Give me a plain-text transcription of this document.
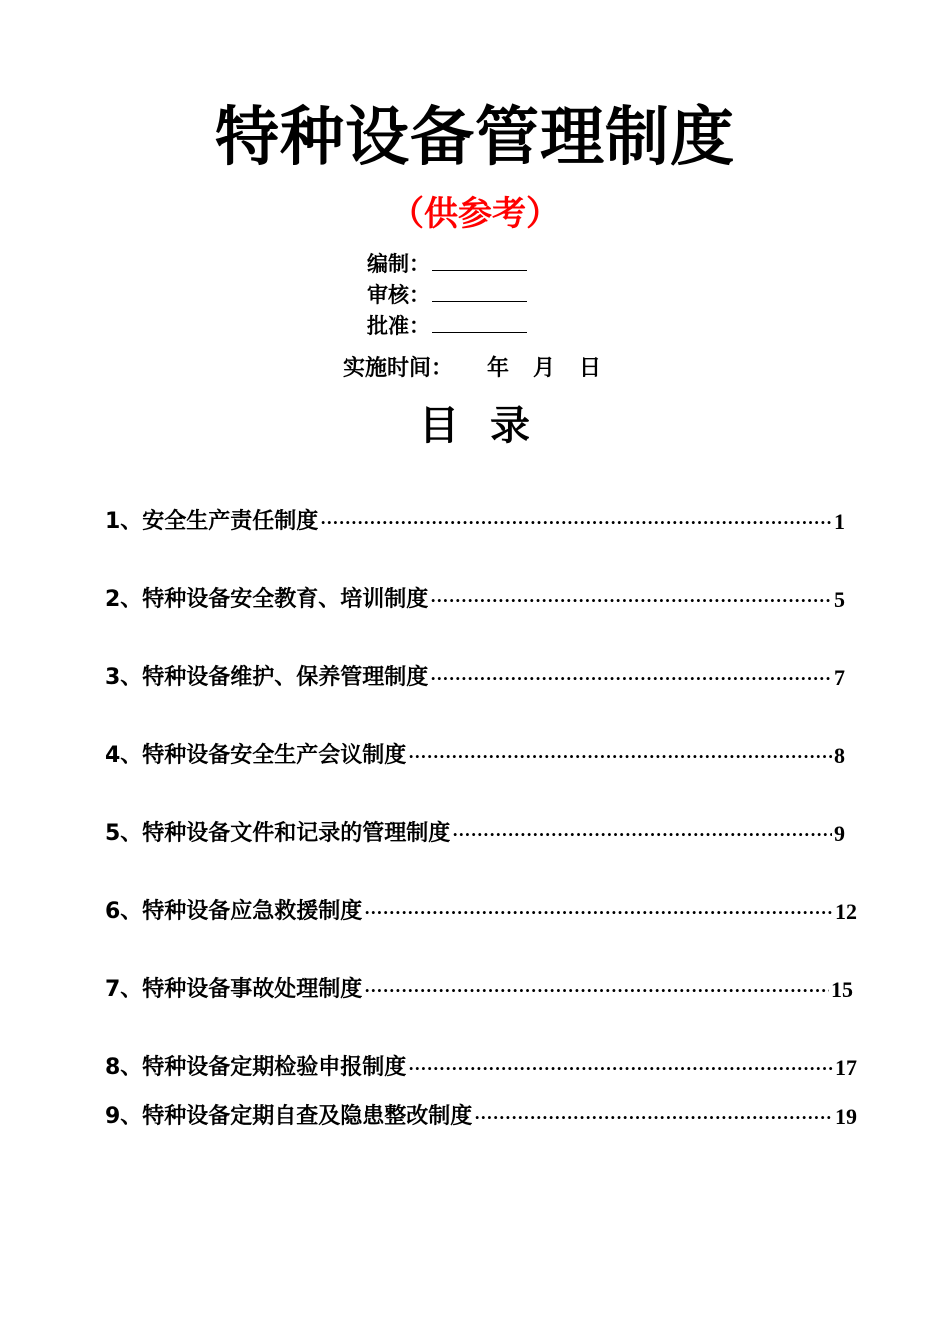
特种设备管理制度
（供参考）
编制：
审核：
批准：
实施时间： 年 月 日
目 录
1、安全生产责任制度 ·····	1
2、特种设备安全教育、培训制度 ·····	5
3、特种设备维护、保养管理制度 ·····	7
4、特种设备安全生产会议制度 ·····	8
5、特种设备文件和记录的管理制度 ·····	9
6、特种设备应急救援制度 ·····	12
7、特种设备事故处理制度 ·····	15
8、特种设备定期检验申报制度 ·····	17
9、特种设备定期自查及隐患整改制度 ·····	19
